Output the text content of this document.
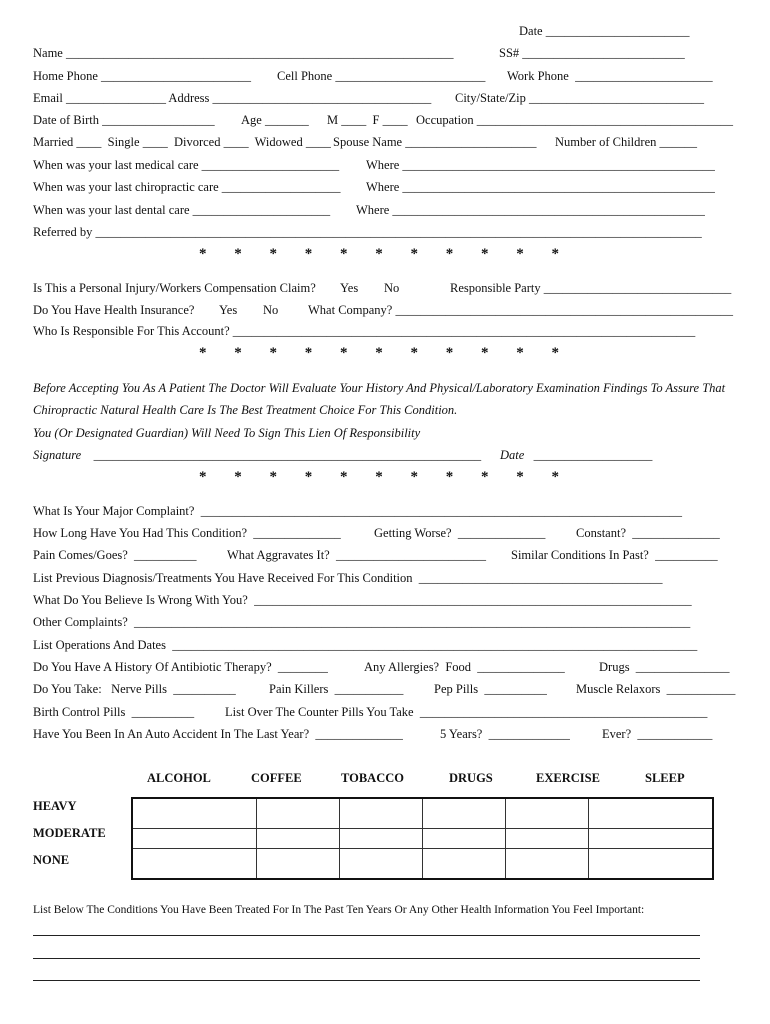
Date _______________________
Name ______________________________________________________________	SS# __________________________
Home Phone ________________________ Cell Phone ________________________ Work Phone  ______________________
Email ________________ Address ___________________________________ City/State/Zip ____________________________
Date of Birth __________________ Age _______ M ____  F ____ Occupation _________________________________________
Married ____  Single ____  Divorced ____  Widowed ____ Spouse Name _____________________ Number of Children ______
When was your last medical care ______________________ Where __________________________________________________
When was your last chiropractic care ___________________ Where __________________________________________________
When was your last dental care ______________________ Where __________________________________________________
Referred by _________________________________________________________________________________________________
* * * * * * * * * * *
Is This a Personal Injury/Workers Compensation Claim? Yes No	Responsible Party ______________________________
Do You Have Health Insurance? Yes No What Company? ______________________________________________________
Who Is Responsible For This Account? __________________________________________________________________________
* * * * * * * * * * *
Before Accepting You As A Patient The Doctor Will Evaluate Your History And Physical/Laboratory Examination Findings To Assure That
Chiropractic Natural Health Care Is The Best Treatment Choice For This Condition.
You (Or Designated Guardian) Will Need To Sign This Lien Of Responsibility
Signature    ______________________________________________________________ Date   ___________________
* * * * * * * * * * *
What Is Your Major Complaint?  _____________________________________________________________________________
How Long Have You Had This Condition?  ______________	Getting Worse?  ______________ Constant?  ______________
Pain Comes/Goes?  __________ What Aggravates It?  ________________________ Similar Conditions In Past?  __________
List Previous Diagnosis/Treatments You Have Received For This Condition  _______________________________________
What Do You Believe Is Wrong With You?  ______________________________________________________________________
Other Complaints?  _________________________________________________________________________________________
List Operations And Dates  ____________________________________________________________________________________
Do You Have A History Of Antibiotic Therapy?  ________	Any Allergies?  Food  ______________	Drugs  _______________
Do You Take:   Nerve Pills  __________	Pain Killers  ___________ Pep Pills  __________ Muscle Relaxors  ___________
Birth Control Pills  __________ List Over The Counter Pills You Take  ______________________________________________
Have You Been In An Auto Accident In The Last Year?  ______________	5 Years?  _____________	Ever?  ____________
ALCOHOL	COFFEE	TOBACCO	DRUGS	EXERCISE	SLEEP
HEAVY
MODERATE
NONE

List Below The Conditions You Have Been Treated For In The Past Ten Years Or Any Other Health Information You Feel Important:
